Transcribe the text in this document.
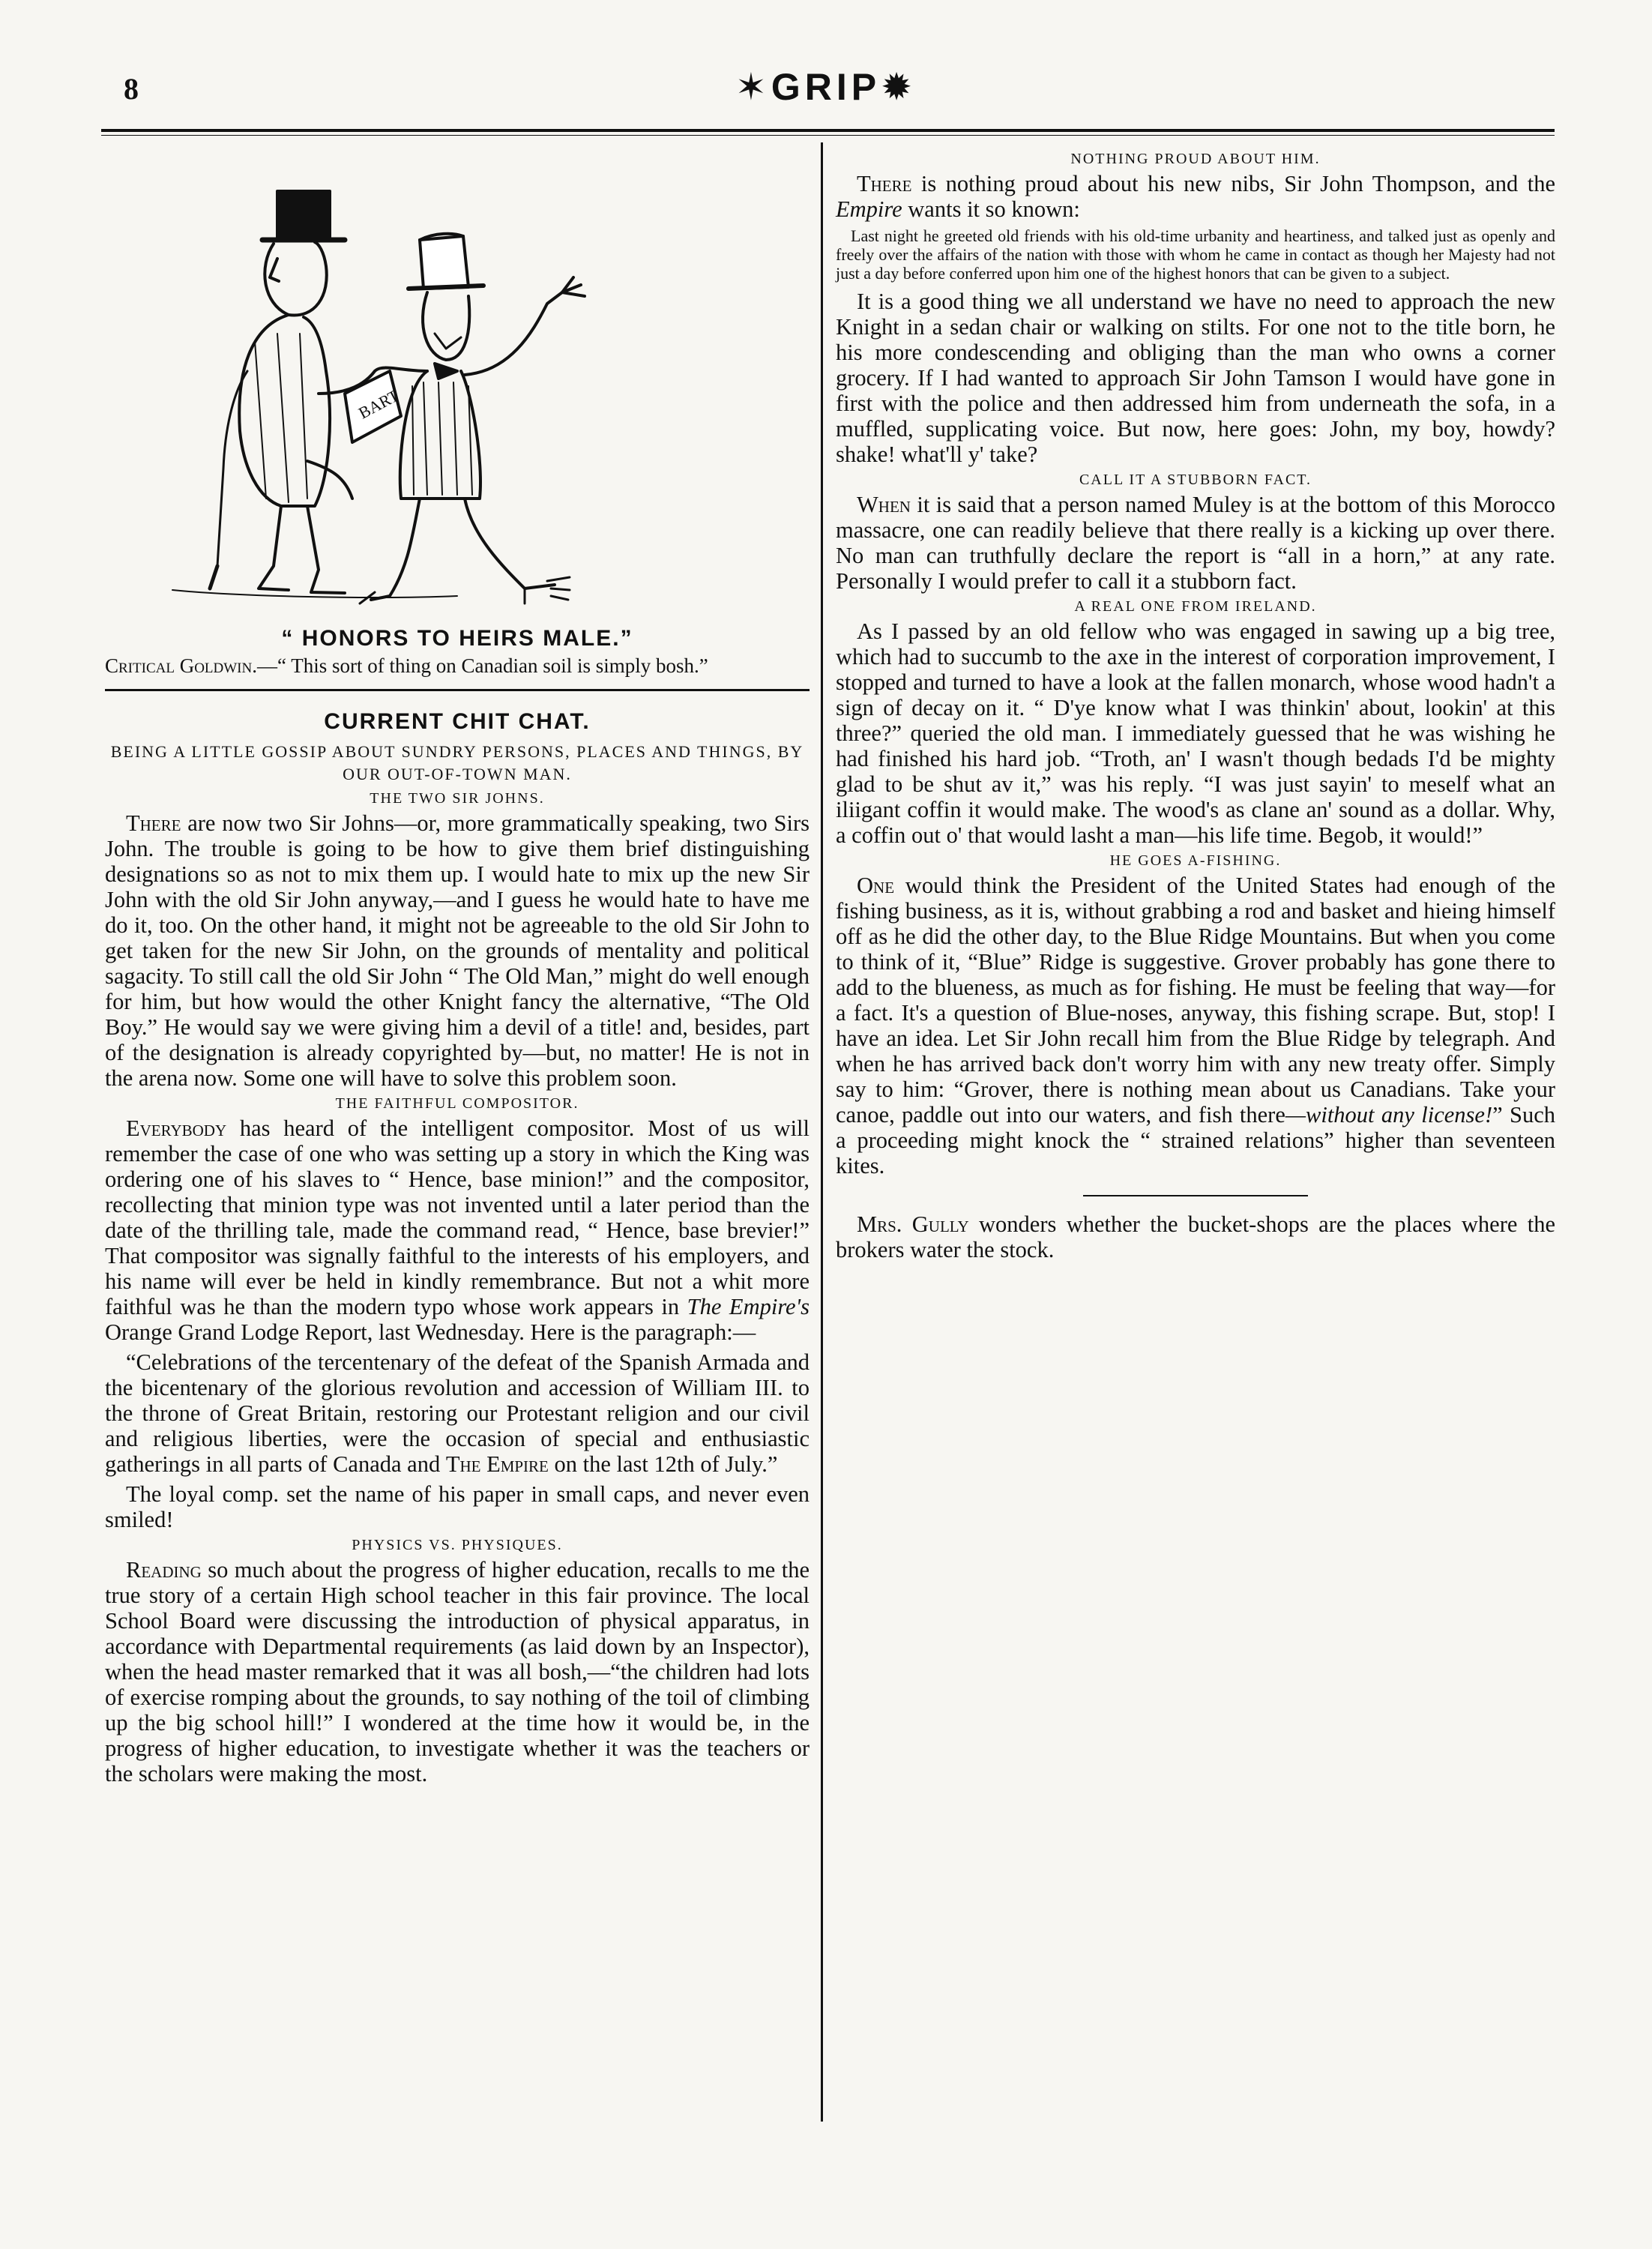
8	✶GRIP✹
BART
“ HONORS TO HEIRS MALE.”

Critical Goldwin.—“ This sort of thing on Canadian soil is simply bosh.”

CURRENT CHIT CHAT.
BEING A LITTLE GOSSIP ABOUT SUNDRY PERSONS, PLACES AND THINGS, BY OUR OUT-OF-TOWN MAN.
THE TWO SIR JOHNS.

There are now two Sir Johns—or, more grammatically speaking, two Sirs John. The trouble is going to be how to give them brief distinguishing designations so as not to mix them up. I would hate to mix up the new Sir John with the old Sir John anyway,—and I guess he would hate to have me do it, too. On the other hand, it might not be agreeable to the old Sir John to get taken for the new Sir John, on the grounds of mentality and political sagacity. To still call the old Sir John “ The Old Man,” might do well enough for him, but how would the other Knight fancy the alternative, “The Old Boy.” He would say we were giving him a devil of a title! and, besides, part of the designation is already copyrighted by—but, no matter! He is not in the arena now. Some one will have to solve this problem soon.

THE FAITHFUL COMPOSITOR.

Everybody has heard of the intelligent compositor. Most of us will remember the case of one who was setting up a story in which the King was ordering one of his slaves to “ Hence, base minion!” and the compositor, recollecting that minion type was not invented until a later period than the date of the thrilling tale, made the command read, “ Hence, base brevier!” That compositor was signally faithful to the interests of his employers, and his name will ever be held in kindly remembrance. But not a whit more faithful was he than the modern typo whose work appears in The Empire's Orange Grand Lodge Report, last Wednesday. Here is the paragraph:—

“Celebrations of the tercentenary of the defeat of the Spanish Armada and the bicentenary of the glorious revolution and accession of William III. to the throne of Great Britain, restoring our Protestant religion and our civil and religious liberties, were the occasion of special and enthusiastic gatherings in all parts of Canada and The Empire on the last 12th of July.”

The loyal comp. set the name of his paper in small caps, and never even smiled!

PHYSICS VS. PHYSIQUES.

Reading so much about the progress of higher education, recalls to me the true story of a certain High school teacher in this fair province. The local School Board were discussing the introduction of physical apparatus, in accordance with Departmental requirements (as laid down by an Inspector), when the head master remarked that it was all bosh,—“the children had lots of exercise romping about the grounds, to say nothing of the toil of climbing up the big school hill!” I wondered at the time how it would be, in the progress of higher education, to investigate whether it was the teachers or the scholars were making the most.

NOTHING PROUD ABOUT HIM.

There is nothing proud about his new nibs, Sir John Thompson, and the Empire wants it so known:

Last night he greeted old friends with his old-time urbanity and heartiness, and talked just as openly and freely over the affairs of the nation with those with whom he came in contact as though her Majesty had not just a day before conferred upon him one of the highest honors that can be given to a subject.

It is a good thing we all understand we have no need to approach the new Knight in a sedan chair or walking on stilts. For one not to the title born, he his more condescending and obliging than the man who owns a corner grocery. If I had wanted to approach Sir John Tamson I would have gone in first with the police and then addressed him from underneath the sofa, in a muffled, supplicating voice. But now, here goes: John, my boy, howdy? shake! what'll y' take?

CALL IT A STUBBORN FACT.

When it is said that a person named Muley is at the bottom of this Morocco massacre, one can readily believe that there really is a kicking up over there. No man can truthfully declare the report is “all in a horn,” at any rate. Personally I would prefer to call it a stubborn fact.

A REAL ONE FROM IRELAND.

As I passed by an old fellow who was engaged in sawing up a big tree, which had to succumb to the axe in the interest of corporation improvement, I stopped and turned to have a look at the fallen monarch, whose wood hadn't a sign of decay on it. “ D'ye know what I was thinkin' about, lookin' at this three?” queried the old man. I immediately guessed that he was wishing he had finished his hard job. “Troth, an' I wasn't though bedads I'd be mighty glad to be shut av it,” was his reply. “I was just sayin' to meself what an iliigant coffin it would make. The wood's as clane an' sound as a dollar. Why, a coffin out o' that would lasht a man—his life time. Begob, it would!”

HE GOES A-FISHING.

One would think the President of the United States had enough of the fishing business, as it is, without grabbing a rod and basket and hieing himself off as he did the other day, to the Blue Ridge Mountains. But when you come to think of it, “Blue” Ridge is suggestive. Grover probably has gone there to add to the blueness, as much as for fishing. He must be feeling that way—for a fact. It's a question of Blue-noses, anyway, this fishing scrape. But, stop! I have an idea. Let Sir John recall him from the Blue Ridge by telegraph. And when he has arrived back don't worry him with any new treaty offer. Simply say to him: “Grover, there is nothing mean about us Canadians. Take your canoe, paddle out into our waters, and fish there—without any license!” Such a proceeding might knock the “ strained relations” higher than seventeen kites.

Mrs. Gully wonders whether the bucket-shops are the places where the brokers water the stock.
